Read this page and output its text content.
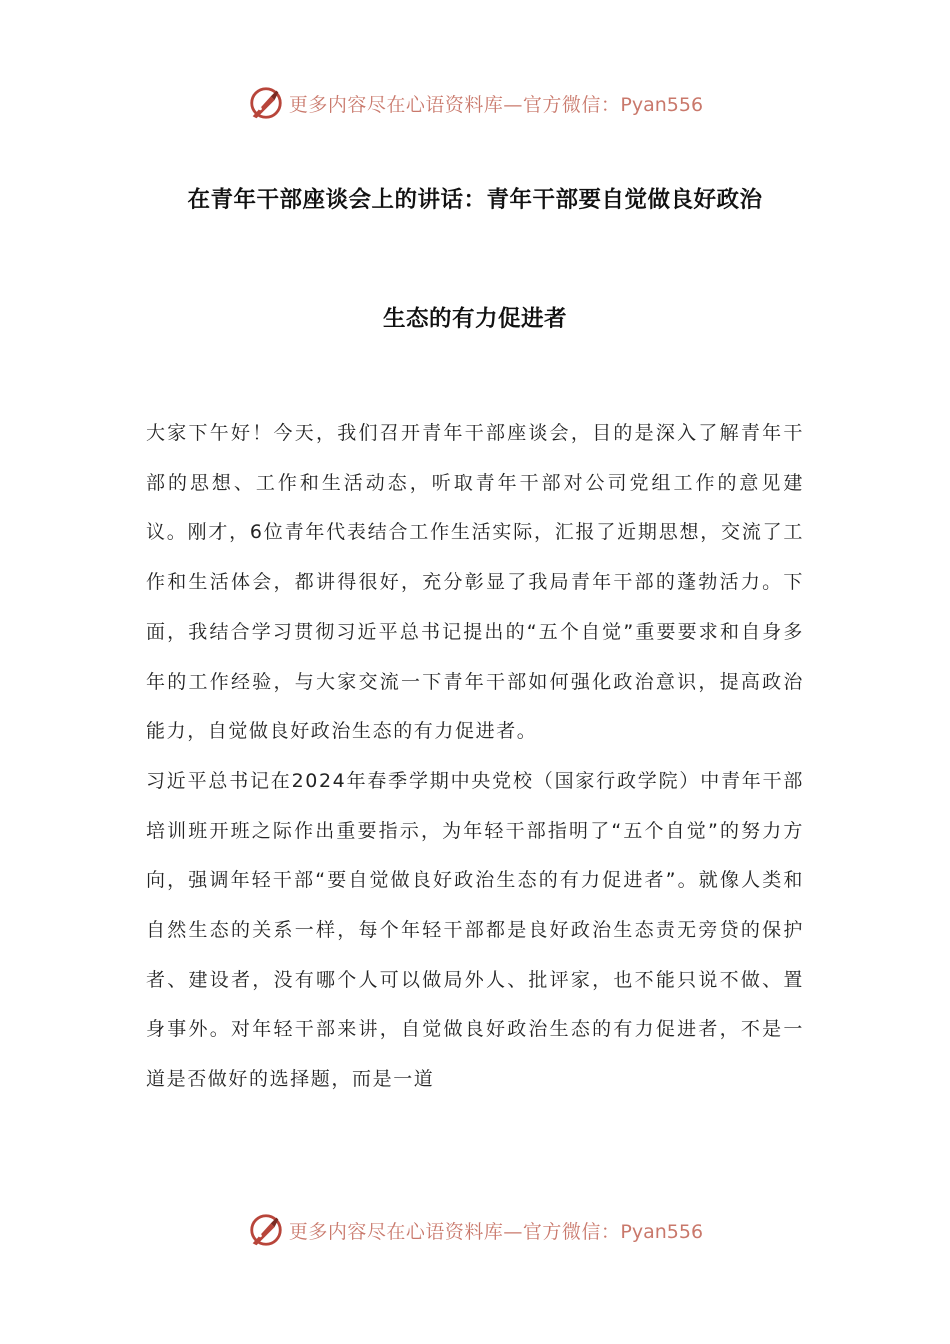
更多内容尽在心语资料库—官方微信：Pyan556
在青年干部座谈会上的讲话：青年干部要自觉做良好政治
生态的有力促进者

大家下午好！今天，我们召开青年干部座谈会，目的是深入了解青年干部的思想、工作和生活动态，听取青年干部对公司党组工作的意见建议。刚才，6位青年代表结合工作生活实际，汇报了近期思想，交流了工作和生活体会，都讲得很好，充分彰显了我局青年干部的蓬勃活力。下面，我结合学习贯彻习近平总书记提出的“五个自觉”重要要求和自身多年的工作经验，与大家交流一下青年干部如何强化政治意识，提高政治能力，自觉做良好政治生态的有力促进者。

习近平总书记在2024年春季学期中央党校（国家行政学院）中青年干部培训班开班之际作出重要指示，为年轻干部指明了“五个自觉”的努力方向，强调年轻干部“要自觉做良好政治生态的有力促进者”。就像人类和自然生态的关系一样，每个年轻干部都是良好政治生态责无旁贷的保护者、建设者，没有哪个人可以做局外人、批评家，也不能只说不做、置身事外。对年轻干部来讲，自觉做良好政治生态的有力促进者，不是一道是否做好的选择题，而是一道

更多内容尽在心语资料库—官方微信：Pyan556
